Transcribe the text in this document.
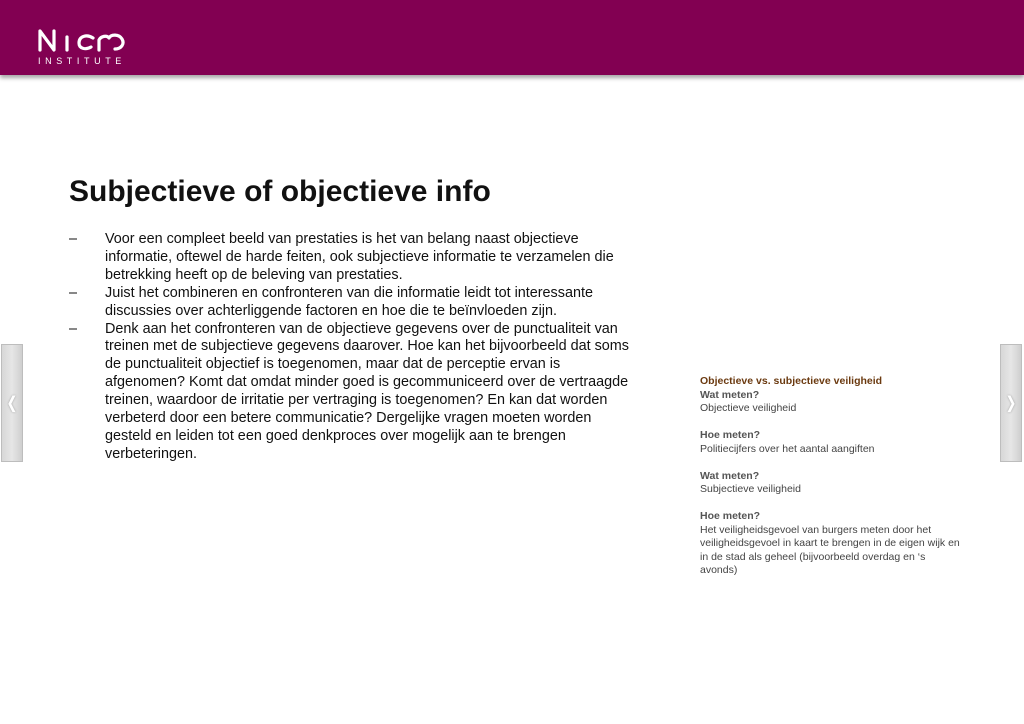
INSTITUTE
Subjectieve of objectieve info
– Voor een compleet beeld van prestaties is het van belang naast objectieve informatie, oftewel de harde feiten, ook subjectieve informatie te verzamelen die betrekking heeft op de beleving van prestaties.
– Juist het combineren en confronteren van die informatie leidt tot interessante discussies over achterliggende factoren en hoe die te beïnvloeden zijn.
– Denk aan het confronteren van de objectieve gegevens over de punctualiteit van treinen met de subjectieve gegevens daarover. Hoe kan het bijvoorbeeld dat soms de punctualiteit objectief is toegenomen, maar dat de perceptie ervan is afgenomen? Komt dat omdat minder goed is gecommuniceerd over de vertraagde treinen, waardoor de irritatie per vertraging is toegenomen? En kan dat worden verbeterd door een betere communicatie? Dergelijke vragen moeten worden gesteld en leiden tot een goed denkproces over mogelijk aan te brengen verbeteringen.
Objectieve vs. subjectieve veiligheid
Wat meten?
Objectieve veiligheid
Hoe meten?
Politiecijfers over het aantal aangiften
Wat meten?
Subjectieve veiligheid
Hoe meten?
Het veiligheidsgevoel van burgers meten door het veiligheidsgevoel in kaart te brengen in de eigen wijk en in de stad als geheel (bijvoorbeeld overdag en ‘s avonds)
❬	❭
